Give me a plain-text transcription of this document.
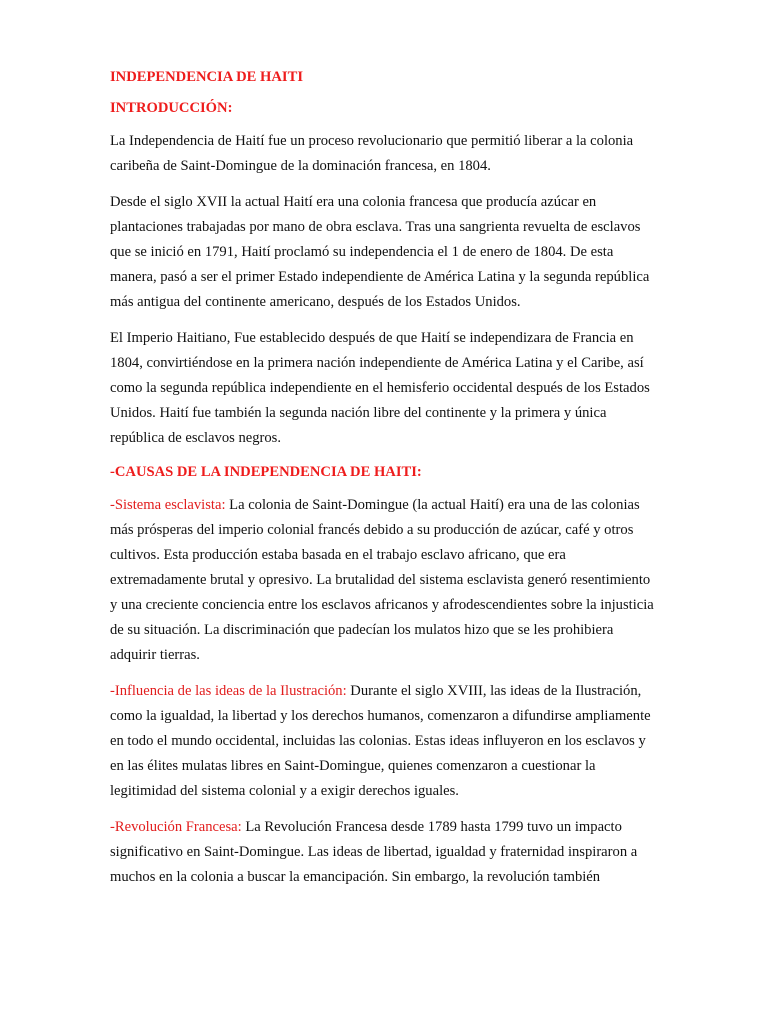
INDEPENDENCIA DE HAITI
INTRODUCCIÓN:

La Independencia de Haití fue un proceso revolucionario que permitió liberar a la colonia caribeña de Saint-Domingue de la dominación francesa, en 1804.

Desde el siglo XVII la actual Haití era una colonia francesa que producía azúcar en plantaciones trabajadas por mano de obra esclava. Tras una sangrienta revuelta de esclavos que se inició en 1791, Haití proclamó su independencia el 1 de enero de 1804. De esta manera, pasó a ser el primer Estado independiente de América Latina y la segunda república más antigua del continente americano, después de los Estados Unidos.

El Imperio Haitiano, Fue establecido después de que Haití se independizara de Francia en 1804, convirtiéndose en la primera nación independiente de América Latina y el Caribe, así como la segunda república independiente en el hemisferio occidental después de los Estados Unidos. Haití fue también la segunda nación libre del continente y la primera y única república de esclavos negros.

-CAUSAS DE LA INDEPENDENCIA DE HAITI:

-Sistema esclavista: La colonia de Saint-Domingue (la actual Haití) era una de las colonias más prósperas del imperio colonial francés debido a su producción de azúcar, café y otros cultivos. Esta producción estaba basada en el trabajo esclavo africano, que era extremadamente brutal y opresivo. La brutalidad del sistema esclavista generó resentimiento y una creciente conciencia entre los esclavos africanos y afrodescendientes sobre la injusticia de su situación. La discriminación que padecían los mulatos hizo que se les prohibiera adquirir tierras.

-Influencia de las ideas de la Ilustración: Durante el siglo XVIII, las ideas de la Ilustración, como la igualdad, la libertad y los derechos humanos, comenzaron a difundirse ampliamente en todo el mundo occidental, incluidas las colonias. Estas ideas influyeron en los esclavos y en las élites mulatas libres en Saint-Domingue, quienes comenzaron a cuestionar la legitimidad del sistema colonial y a exigir derechos iguales.

-Revolución Francesa: La Revolución Francesa desde 1789 hasta 1799 tuvo un impacto significativo en Saint-Domingue. Las ideas de libertad, igualdad y fraternidad inspiraron a muchos en la colonia a buscar la emancipación. Sin embargo, la revolución también
